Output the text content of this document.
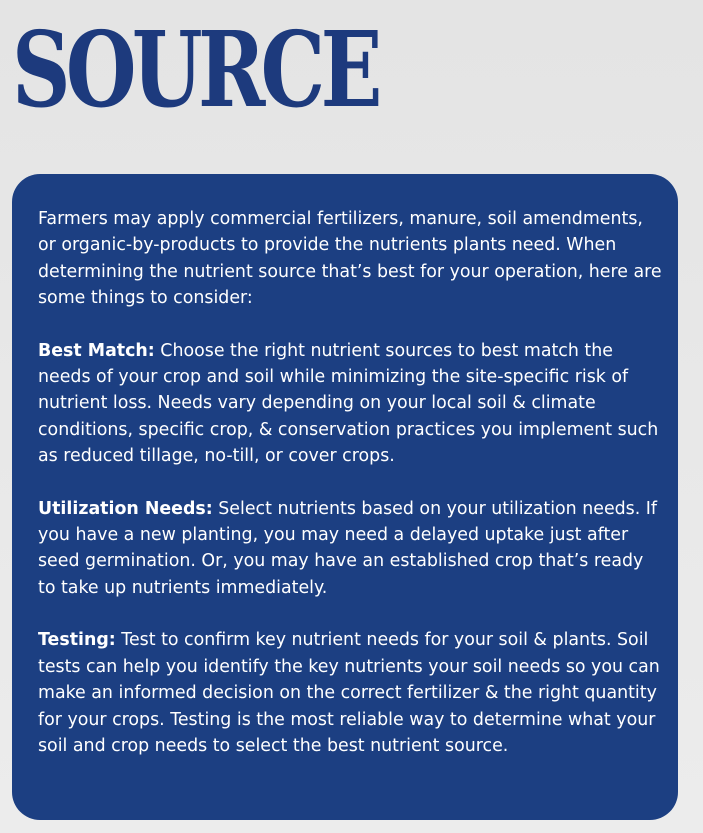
SOURCE

Farmers may apply commercial fertilizers, manure, soil amendments, or organic-by-products to provide the nutrients plants need. When determining the nutrient source that’s best for your operation, here are some things to consider:

Best Match: Choose the right nutrient sources to best match the needs of your crop and soil while minimizing the site-specific risk of nutrient loss. Needs vary depending on your local soil & climate conditions, specific crop, & conservation practices you implement such as reduced tillage, no-till, or cover crops.

Utilization Needs: Select nutrients based on your utilization needs. If you have a new planting, you may need a delayed uptake just after seed germination. Or, you may have an established crop that’s ready to take up nutrients immediately.

Testing: Test to confirm key nutrient needs for your soil & plants. Soil tests can help you identify the key nutrients your soil needs so you can make an informed decision on the correct fertilizer & the right quantity for your crops. Testing is the most reliable way to determine what your soil and crop needs to select the best nutrient source.
